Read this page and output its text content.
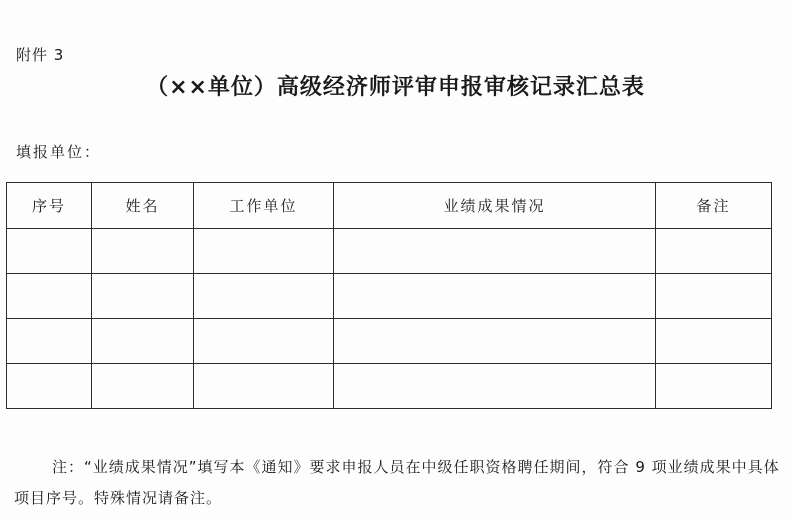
附件 3
（××单位）高级经济师评审申报审核记录汇总表
填报单位：
序号	姓名	工作单位	业绩成果情况	备注

注：“业绩成果情况”填写本《通知》要求申报人员在中级任职资格聘任期间，符合 9 项业绩成果中具体项目序号。特殊情况请备注。
